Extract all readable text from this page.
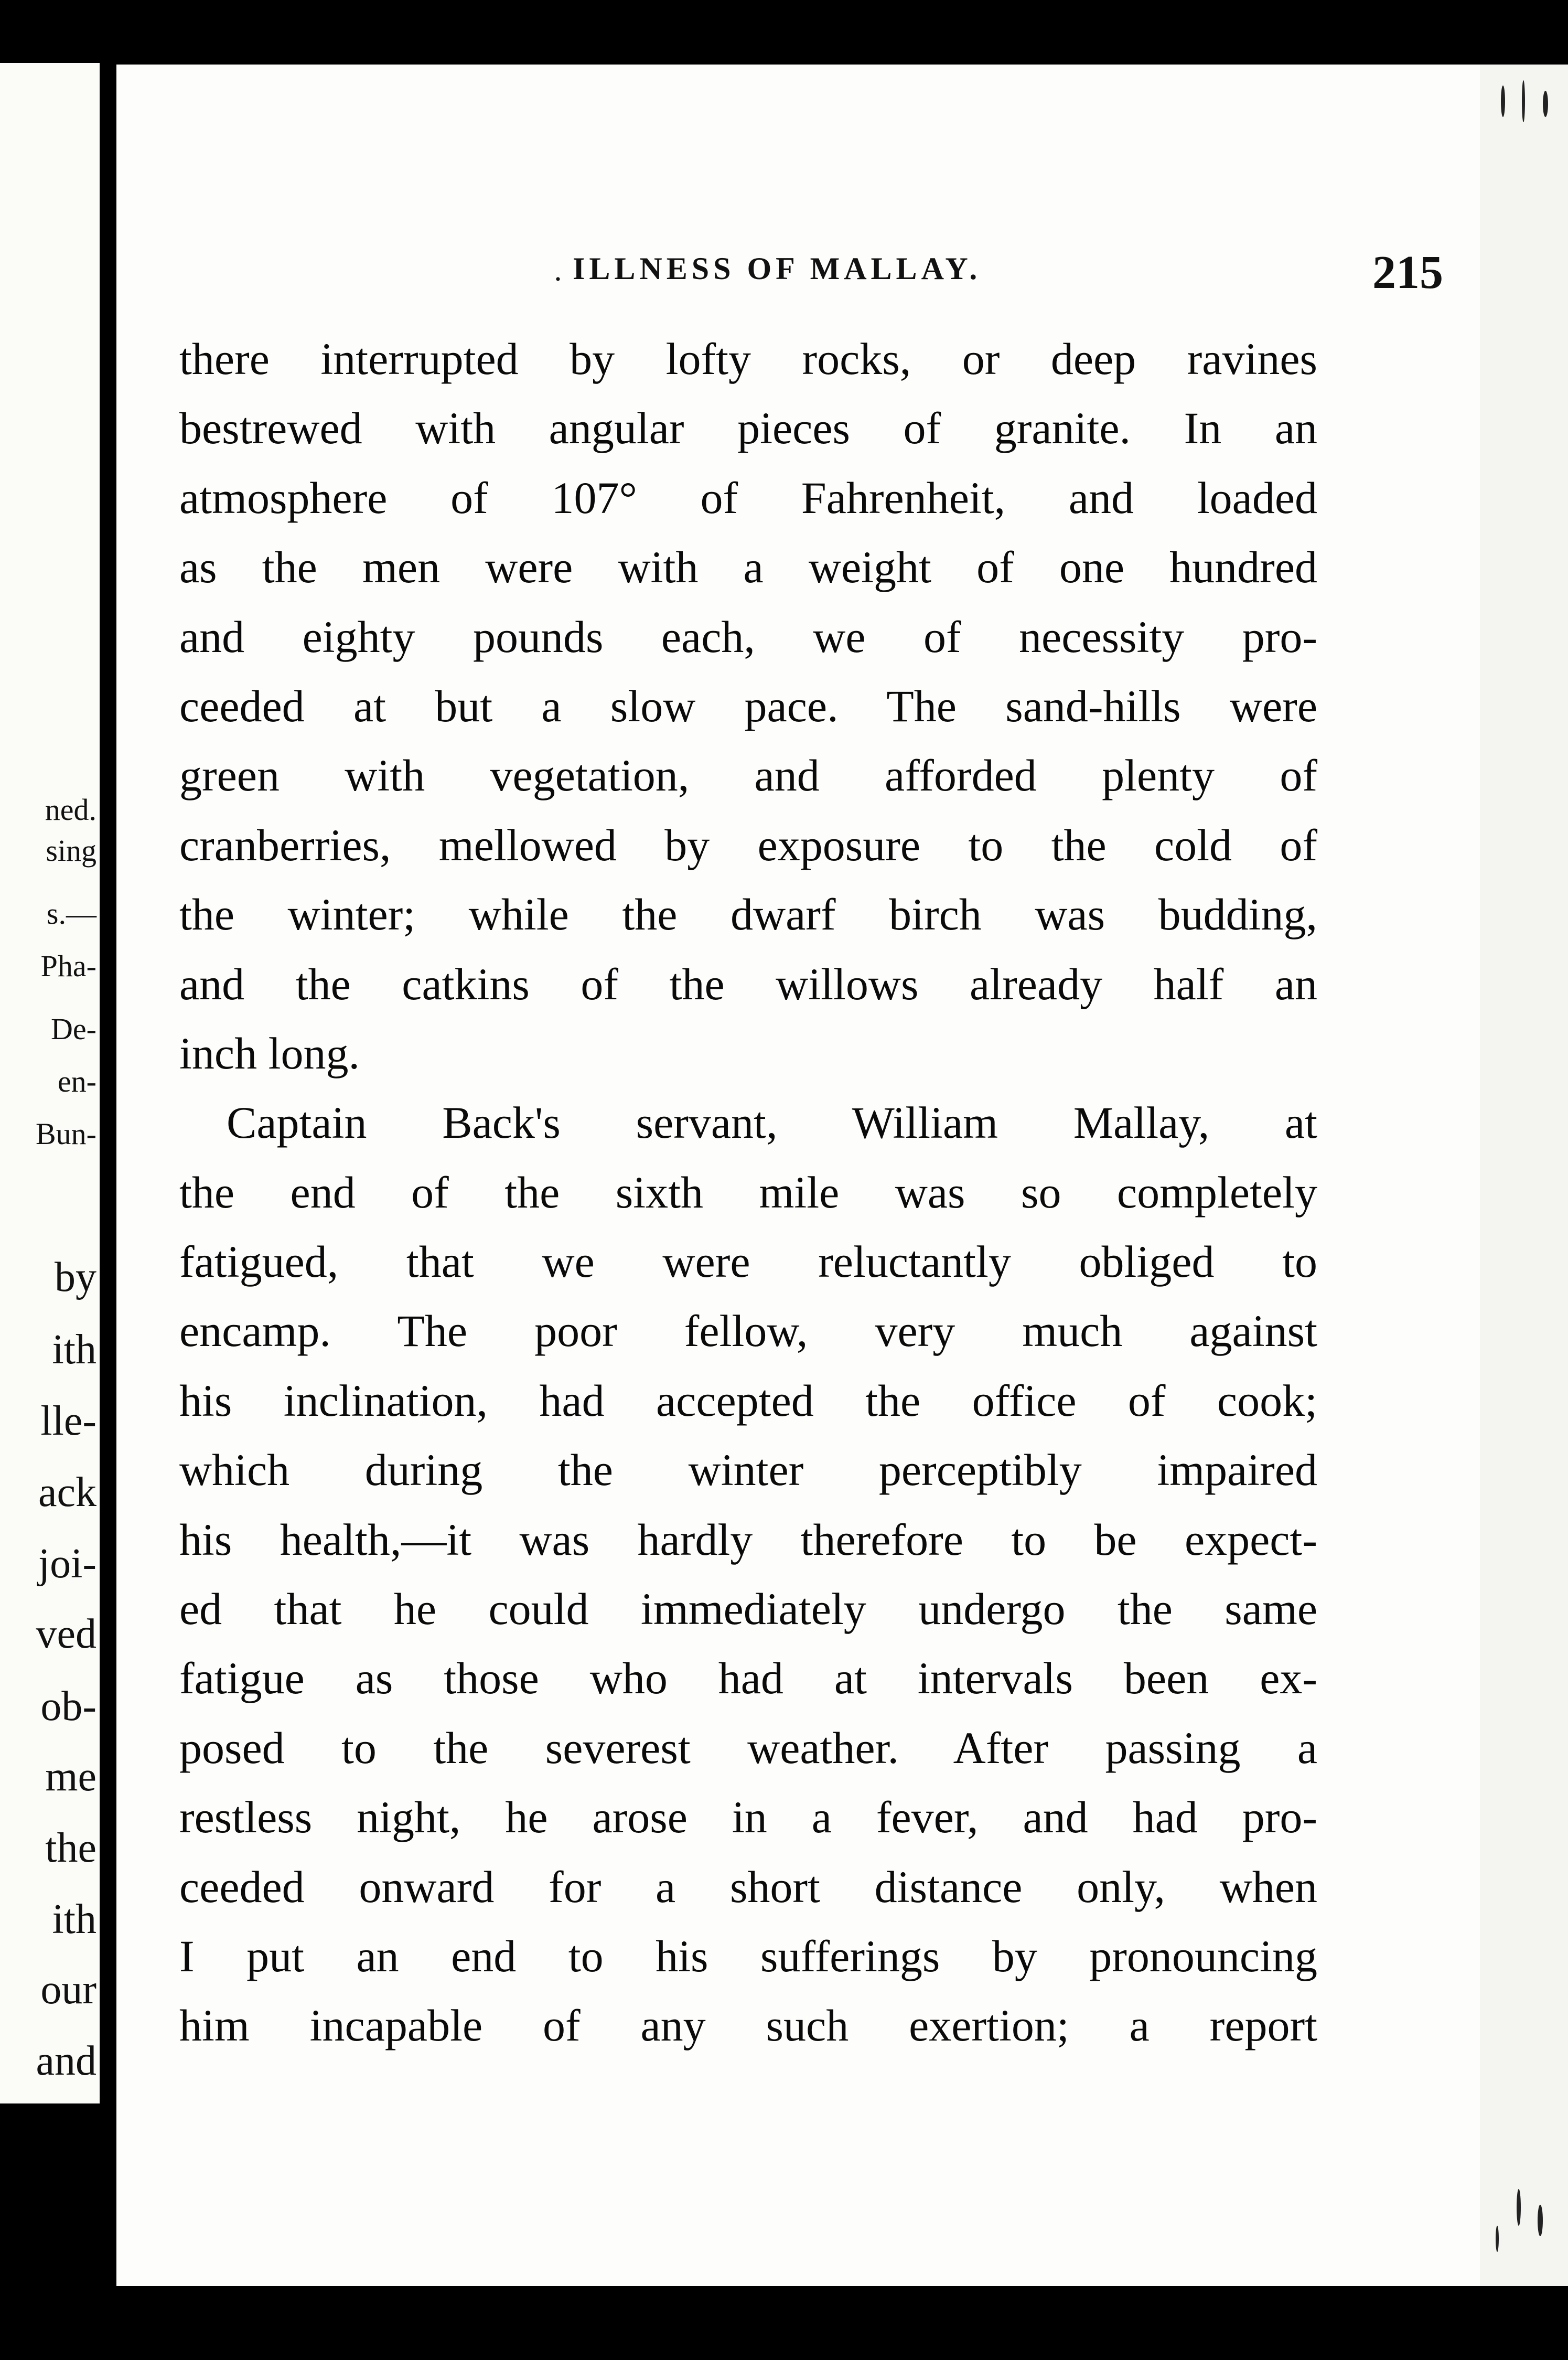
ned.
sing
s.—
Pha-
De-
en-
Bun-
by
ith
lle-
ack
joi-
ved
ob-
me
the
ith
our
and
· ILLNESS OF MALLAY.	215
there interrupted by lofty rocks, or deep ravines
bestrewed with angular pieces of granite. In an
atmosphere of 107° of Fahrenheit, and loaded
as the men were with a weight of one hundred
and eighty pounds each, we of necessity pro-
ceeded at but a slow pace. The sand-hills were
green with vegetation, and afforded plenty of
cranberries, mellowed by exposure to the cold of
the winter; while the dwarf birch was budding,
and the catkins of the willows already half an
inch long.
Captain Back's servant, William Mallay, at
the end of the sixth mile was so completely
fatigued, that we were reluctantly obliged to
encamp. The poor fellow, very much against
his inclination, had accepted the office of cook;
which during the winter perceptibly impaired
his health,—it was hardly therefore to be expect-
ed that he could immediately undergo the same
fatigue as those who had at intervals been ex-
posed to the severest weather. After passing a
restless night, he arose in a fever, and had pro-
ceeded onward for a short distance only, when
I put an end to his sufferings by pronouncing
him incapable of any such exertion; a report
